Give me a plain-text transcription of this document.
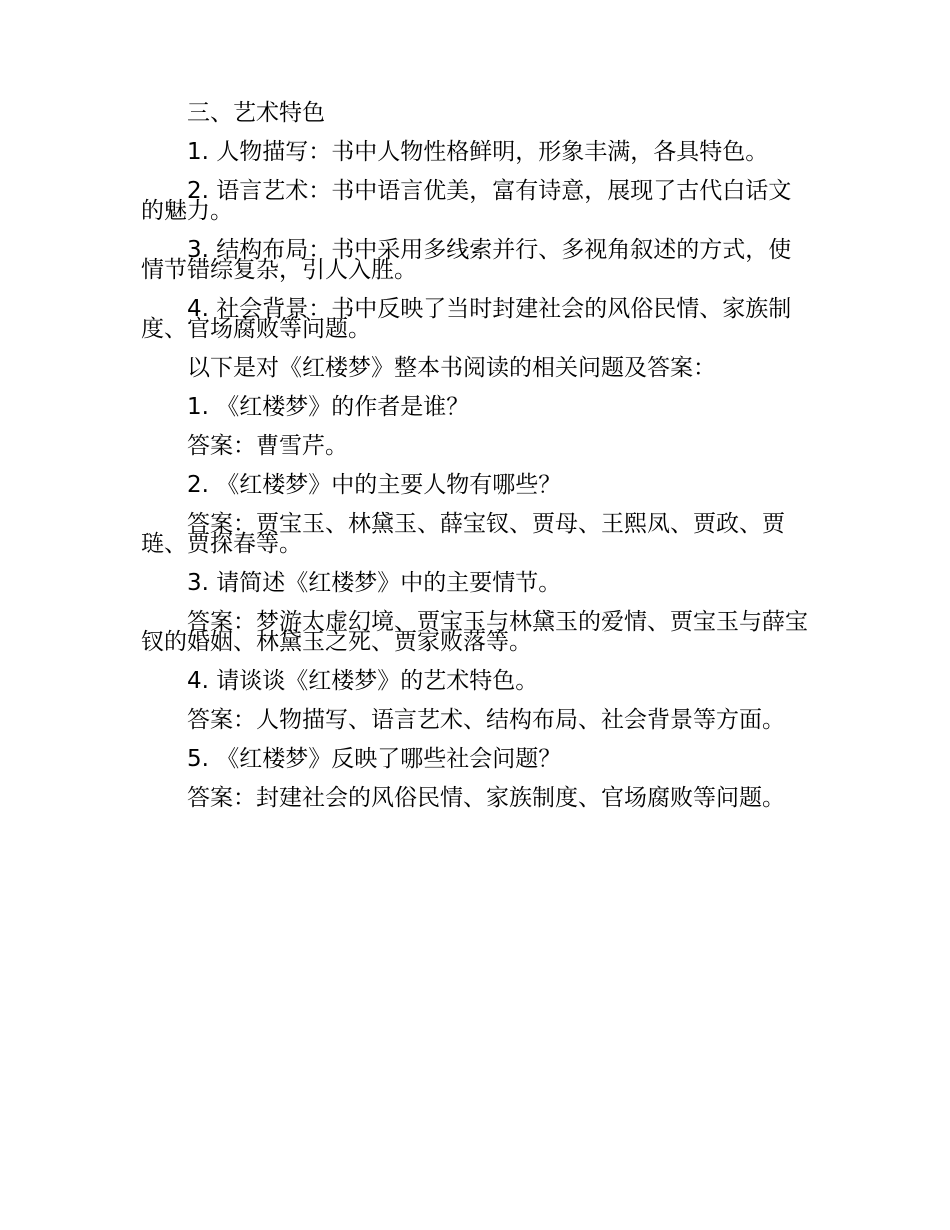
三、艺术特色

1. 人物描写：书中人物性格鲜明，形象丰满，各具特色。

2. 语言艺术：书中语言优美，富有诗意，展现了古代白话文的魅力。

3. 结构布局：书中采用多线索并行、多视角叙述的方式，使情节错综复杂，引人入胜。

4. 社会背景：书中反映了当时封建社会的风俗民情、家族制度、官场腐败等问题。

以下是对《红楼梦》整本书阅读的相关问题及答案：

1. 《红楼梦》的作者是谁？

答案：曹雪芹。

2. 《红楼梦》中的主要人物有哪些？

答案：贾宝玉、林黛玉、薛宝钗、贾母、王熙凤、贾政、贾琏、贾探春等。

3. 请简述《红楼梦》中的主要情节。

答案：梦游太虚幻境、贾宝玉与林黛玉的爱情、贾宝玉与薛宝钗的婚姻、林黛玉之死、贾家败落等。

4. 请谈谈《红楼梦》的艺术特色。

答案：人物描写、语言艺术、结构布局、社会背景等方面。

5. 《红楼梦》反映了哪些社会问题？

答案：封建社会的风俗民情、家族制度、官场腐败等问题。
